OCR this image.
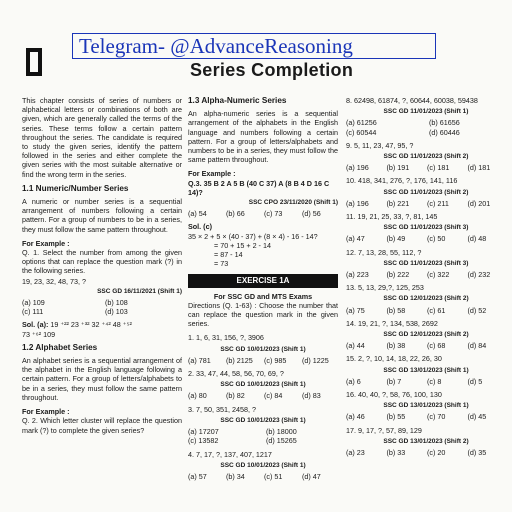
Telegram- @AdvanceReasoning
Series Completion

This chapter consists of series of numbers or alphabetical letters or combinations of both are given, which are generally called the terms of the series. These terms follow a certain pattern throughout the series. The candidate is required to study the given series, identify the pattern followed in the series and either complete the given series with the most suitable alternative or find the wrong term in the series.

1.1 Numeric/Number Series

A numeric or number series is a sequential arrangement of numbers following a certain pattern. For a group of numbers to be in a series, they must follow the same pattern throughout.

For Example :

Q. 1. Select the number from among the given options that can replace the question mark (?) in the following series.

19, 23, 32, 48, 73, ?
SSC GD 16/11/2021 (Shift 1)
(a) 109	(b) 108
(c) 111	(d) 103
Sol. (a): 19 ⁺²² 23 ⁺³² 32 ⁺⁴² 48 ⁺⁵²
73 ⁺⁶² 109
1.2 Alphabet Series

An alphabet series is a sequential arrangement of the alphabet in the English language following a certain pattern. For a group of letters/alphabets to be in a series, they must follow the same pattern throughout.

For Example :

Q. 2. Which letter cluster will replace the question mark (?) to complete the given series?

1.3 Alpha-Numeric Series

An alpha-numeric series is a sequential arrangement of the alphabets in the English language and numbers following a certain pattern. For a group of letters/alphabets and numbers to be in a series, they must follow the same pattern throughout.

For Example :
Q.3. 35 B 2 A 5 B (40 C 37) A (8 B 4 D 16 C 14)?
SSC CPO 23/11/2020 (Shift 1)
(a) 54	(b) 66	(c) 73	(d) 56
Sol. (c)
35 × 2 + 5 × (40 - 37) + (8 × 4) - 16 - 14?
= 70 + 15 + 2 - 14
= 87 - 14
= 73
EXERCISE 1A
For SSC GD and MTS Exams

Directions (Q. 1-63) : Choose the number that can replace the question mark in the given series.

1. 1, 6, 31, 156, ?, 3906
SSC GD 10/01/2023 (Shift 1)
(a) 781	(b) 2125	(c) 985	(d) 1225
2. 33, 47, 44, 58, 56, 70, 69, ?
SSC GD 10/01/2023 (Shift 1)
(a) 80	(b) 82	(c) 84	(d) 83
3. 7, 50, 351, 2458, ?
SSC GD 10/01/2023 (Shift 1)
(a) 17207	(b) 18000
(c) 13582	(d) 15265
4. 7, 17, ?, 137, 407, 1217
SSC GD 10/01/2023 (Shift 1)
(a) 57	(b) 34	(c) 51	(d) 47
8. 62498, 61874, ?, 60644, 60038, 59438
SSC GD 11/01/2023 (Shift 1)
(a) 61256	(b) 61656
(c) 60544	(d) 60446
9. 5, 11, 23, 47, 95, ?
SSC GD 11/01/2023 (Shift 2)
(a) 196	(b) 191	(c) 181	(d) 181
10. 418, 341, 276, ?, 176, 141, 116
SSC GD 11/01/2023 (Shift 2)
(a) 196	(b) 221	(c) 211	(d) 201
11. 19, 21, 25, 33, ?, 81, 145
SSC GD 11/01/2023 (Shift 3)
(a) 47	(b) 49	(c) 50	(d) 48
12. 7, 13, 28, 55, 112, ?
SSC GD 11/01/2023 (Shift 3)
(a) 223	(b) 222	(c) 322	(d) 232
13. 5, 13, 29,?, 125, 253
SSC GD 12/01/2023 (Shift 2)
(a) 75	(b) 58	(c) 61	(d) 52
14. 19, 21, ?, 134, 538, 2692
SSC GD 12/01/2023 (Shift 2)
(a) 44	(b) 38	(c) 68	(d) 84
15. 2, ?, 10, 14, 18, 22, 26, 30
SSC GD 13/01/2023 (Shift 1)
(a) 6	(b) 7	(c) 8	(d) 5
16. 40, 40, ?, 58, 76, 100, 130
SSC GD 13/01/2023 (Shift 1)
(a) 46	(b) 55	(c) 70	(d) 45
17. 9, 17, ?, 57, 89, 129
SSC GD 13/01/2023 (Shift 2)
(a) 23	(b) 33	(c) 20	(d) 35
